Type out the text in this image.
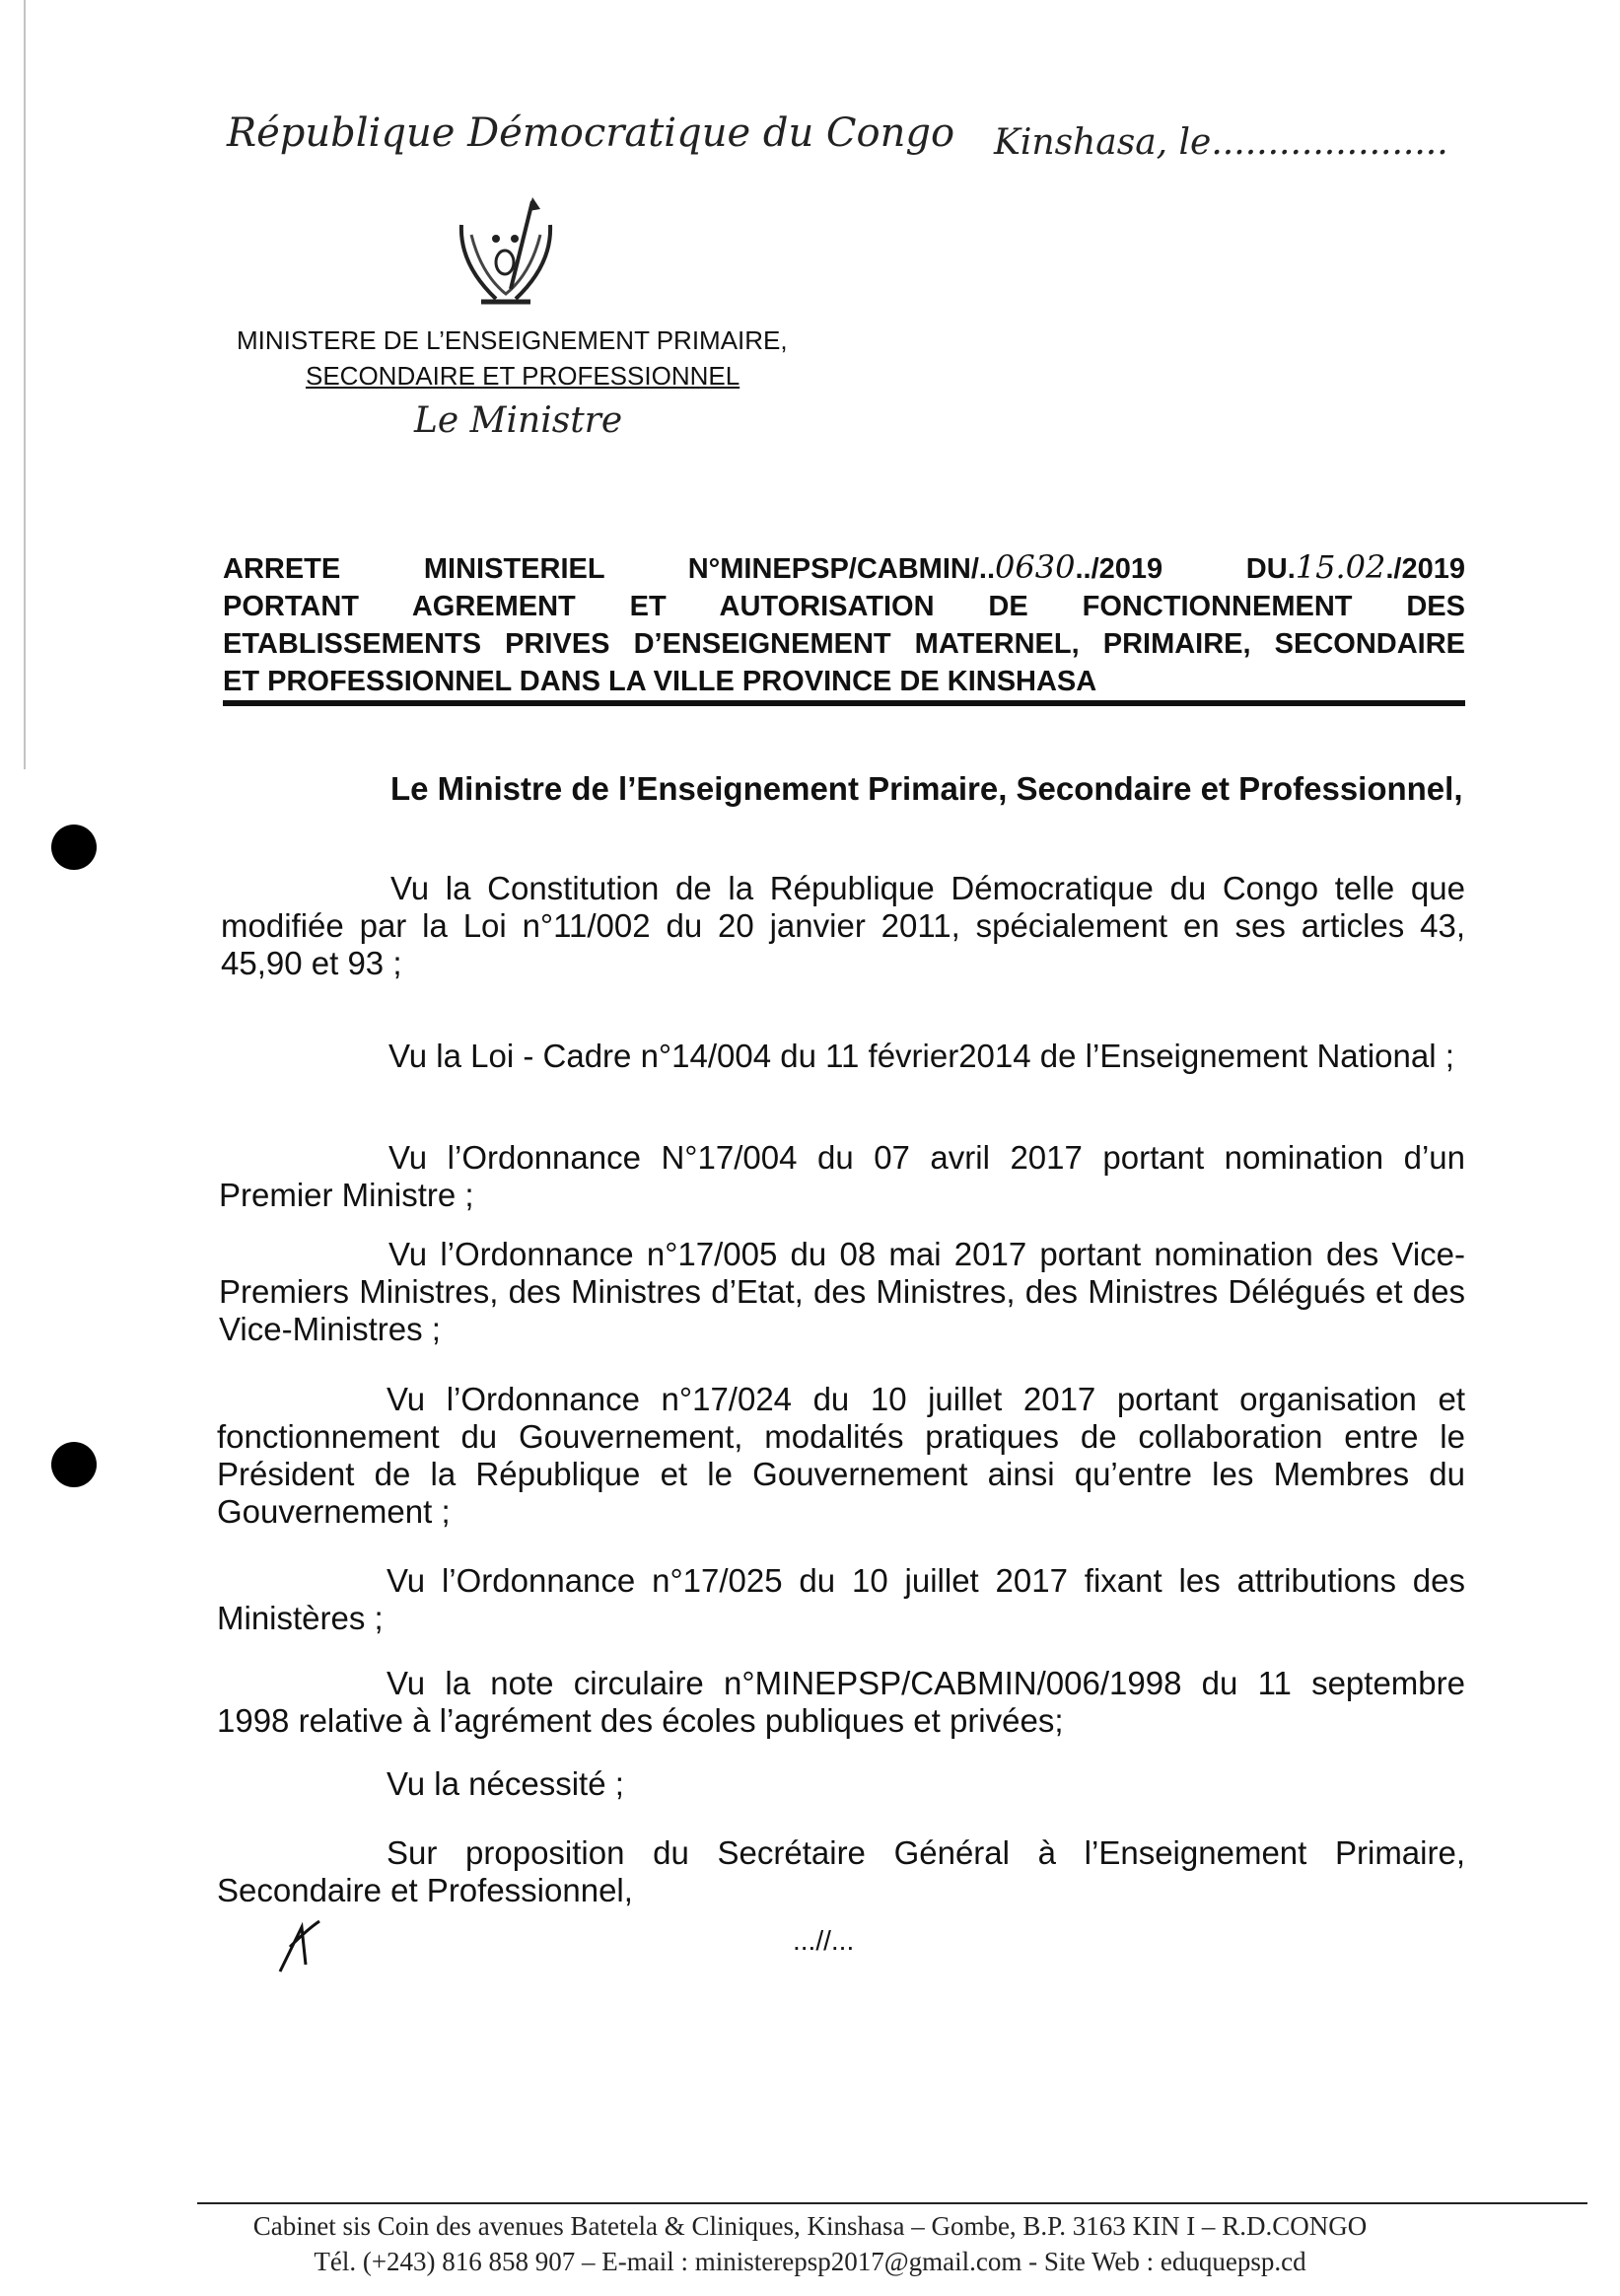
République Démocratique du Congo Kinshasa, le.....................
MINISTERE DE L’ENSEIGNEMENT PRIMAIRE,
SECONDAIRE ET PROFESSIONNEL
Le Ministre
ARRETE MINISTERIEL N°MINEPSP/CABMIN/..0630../2019 DU.15.02./2019
PORTANT AGREMENT ET AUTORISATION DE FONCTIONNEMENT DES
ETABLISSEMENTS PRIVES D’ENSEIGNEMENT MATERNEL, PRIMAIRE, SECONDAIRE
ET PROFESSIONNEL DANS LA VILLE PROVINCE DE KINSHASA
Le Ministre de l’Enseignement Primaire, Secondaire et Professionnel,
Vu la Constitution de la République Démocratique du Congo telle que modifiée par la Loi n°11/002 du 20 janvier 2011, spécialement en ses articles 43, 45,90 et 93 ;
Vu la Loi - Cadre n°14/004 du 11 février2014 de l’Enseignement National ;
Vu l’Ordonnance N°17/004 du 07 avril 2017 portant nomination d’un Premier Ministre ;
Vu l’Ordonnance n°17/005 du 08 mai 2017 portant nomination des Vice-Premiers Ministres, des Ministres d’Etat, des Ministres, des Ministres Délégués et des Vice-Ministres ;
Vu l’Ordonnance n°17/024 du 10 juillet 2017 portant organisation et fonctionnement du Gouvernement, modalités pratiques de collaboration entre le Président de la République et le Gouvernement ainsi qu’entre les Membres du Gouvernement ;
Vu l’Ordonnance n°17/025 du 10 juillet 2017 fixant les attributions des Ministères ;
Vu la note circulaire n°MINEPSP/CABMIN/006/1998 du 11 septembre 1998 relative à l’agrément des écoles publiques et privées;
Vu la nécessité ;
Sur proposition du Secrétaire Général à l’Enseignement Primaire, Secondaire et Professionnel,
...//...
Cabinet sis Coin des avenues Batetela & Cliniques, Kinshasa – Gombe, B.P. 3163 KIN I – R.D.CONGO
Tél. (+243) 816 858 907 – E-mail : ministerepsp2017@gmail.com - Site Web : eduquepsp.cd
